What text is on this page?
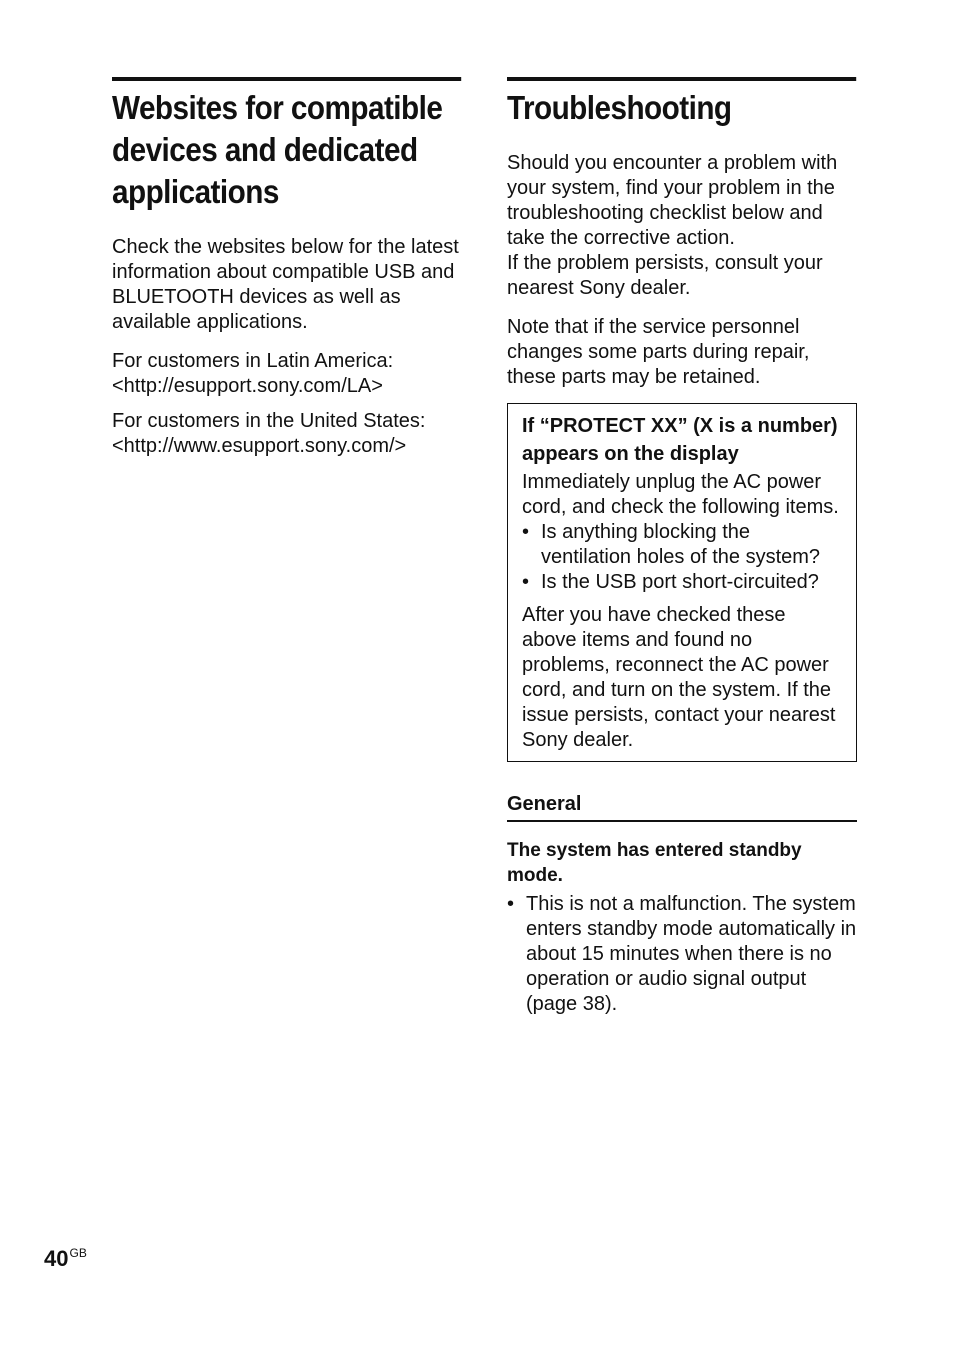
Websites for compatible devices and dedicated applications

Check the websites below for the latest information about compatible USB and BLUETOOTH devices as well as available applications.

For customers in Latin America:

<http://esupport.sony.com/LA>

For customers in the United States:

<http://www.esupport.sony.com/>

Troubleshooting

Should you encounter a problem with your system, find your problem in the troubleshooting checklist below and take the corrective action.

If the problem persists, consult your nearest Sony dealer.

Note that if the service personnel changes some parts during repair, these parts may be retained.

If “PROTECT XX” (X is a number) appears on the display

Immediately unplug the AC power cord, and check the following items.

• Is anything blocking the ventilation holes of the system?
• Is the USB port short-circuited?

After you have checked these above items and found no problems, reconnect the AC power cord, and turn on the system. If the issue persists, contact your nearest Sony dealer.

General
The system has entered standby mode.
• This is not a malfunction. The system enters standby mode automatically in about 15 minutes when there is no operation or audio signal output (page 38).
$40^{GB}$
